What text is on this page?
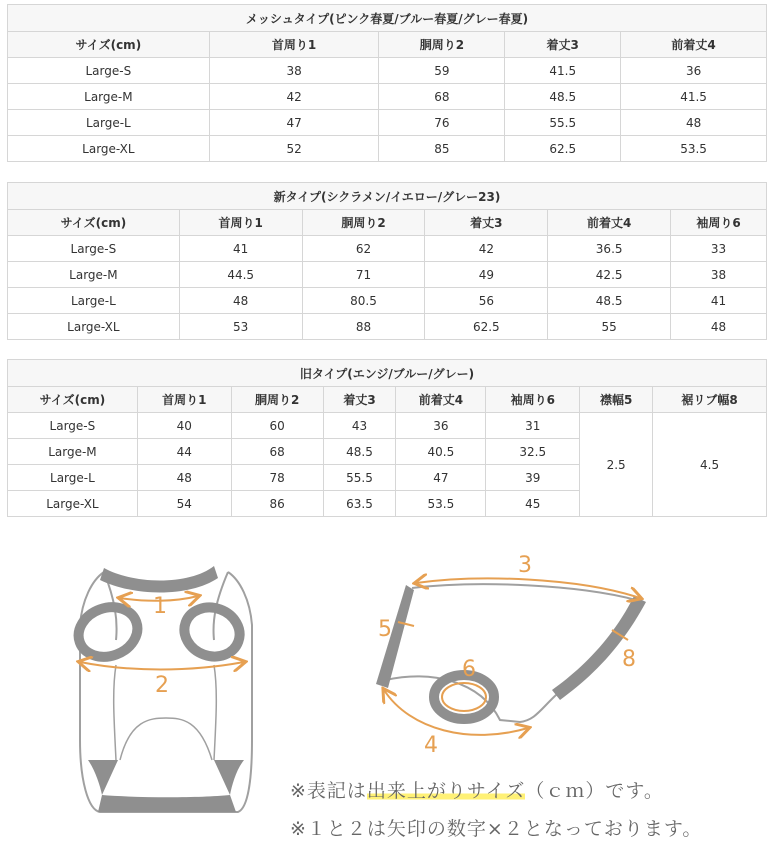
メッシュタイプ(ピンク春夏/ブルー春夏/グレー春夏)				
サイズ(cm)	首周り1	胴周り2	着丈3	前着丈4
Large-S	38	59	41.5	36
Large-M	42	68	48.5	41.5
Large-L	47	76	55.5	48
Large-XL	52	85	62.5	53.5
新タイプ(シクラメン/イエロー/グレー23)					
サイズ(cm)	首周り1	胴周り2	着丈3	前着丈4	袖周り6
Large-S	41	62	42	36.5	33
Large-M	44.5	71	49	42.5	38
Large-L	48	80.5	56	48.5	41
Large-XL	53	88	62.5	55	48
旧タイプ(エンジ/ブルー/グレー)							
サイズ(cm)	首周り1	胴周り2	着丈3	前着丈4	袖周り6	襟幅5	裾リブ幅8
Large-S	40	60	43	36	31	2.5	4.5
Large-M	44	68	48.5	40.5	32.5		
Large-L	48	78	55.5	47	39		
Large-XL	54	86	63.5	53.5	45		
1
2
3
4
5
6	8
※表記は出来上がりサイズ（ｃｍ）です。
※１と２は矢印の数字×２となっております。
